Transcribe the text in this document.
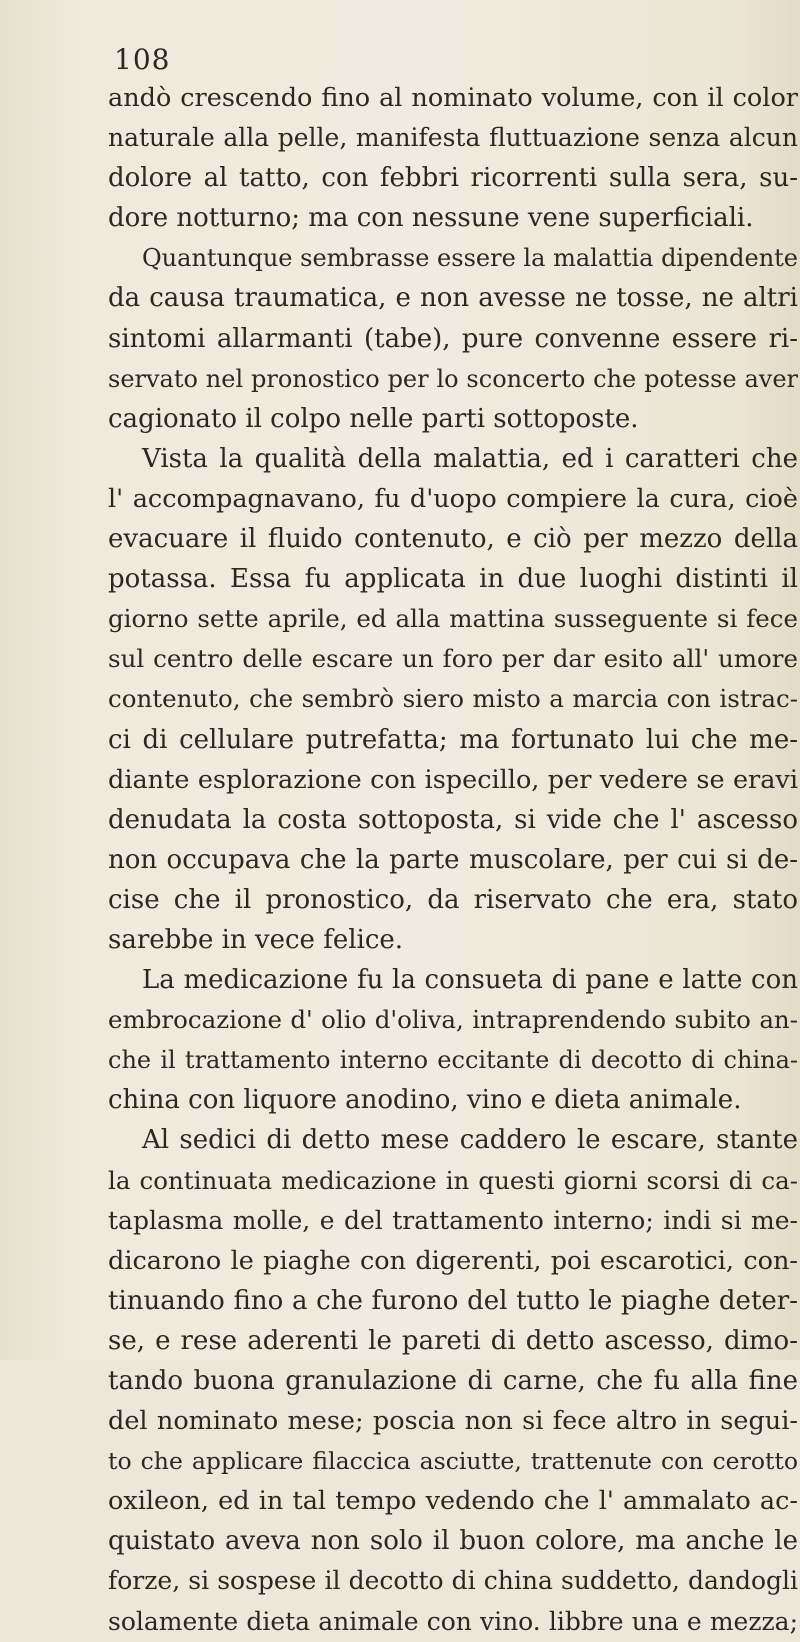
108
andò crescendo fino al nominato volume, con il color
naturale alla pelle, manifesta fluttuazione senza alcun
dolore al tatto, con febbri ricorrenti sulla sera, su-
dore notturno; ma con nessune vene superficiali.
Quantunque sembrasse essere la malattia dipendente
da causa traumatica, e non avesse ne tosse, ne altri
sintomi allarmanti (tabe), pure convenne essere ri-
servato nel pronostico per lo sconcerto che potesse aver
cagionato il colpo nelle parti sottoposte.
Vista la qualità della malattia, ed i caratteri che
l' accompagnavano, fu d'uopo compiere la cura, cioè
evacuare il fluido contenuto, e ciò per mezzo della
potassa. Essa fu applicata in due luoghi distinti il
giorno sette aprile, ed alla mattina susseguente si fece
sul centro delle escare un foro per dar esito all' umore
contenuto, che sembrò siero misto a marcia con istrac-
ci di cellulare putrefatta; ma fortunato lui che me-
diante esplorazione con ispecillo, per vedere se eravi
denudata la costa sottoposta, si vide che l' ascesso
non occupava che la parte muscolare, per cui si de-
cise che il pronostico, da riservato che era, stato
sarebbe in vece felice.
La medicazione fu la consueta di pane e latte con
embrocazione d' olio d'oliva, intraprendendo subito an-
che il trattamento interno eccitante di decotto di china-
china con liquore anodino, vino e dieta animale.
Al sedici di detto mese caddero le escare, stante
la continuata medicazione in questi giorni scorsi di ca-
taplasma molle, e del trattamento interno; indi si me-
dicarono le piaghe con digerenti, poi escarotici, con-
tinuando fino a che furono del tutto le piaghe deter-
se, e rese aderenti le pareti di detto ascesso, dimo-
tando buona granulazione di carne, che fu alla fine
del nominato mese; poscia non si fece altro in segui-
to che applicare filaccica asciutte, trattenute con cerotto
oxileon, ed in tal tempo vedendo che l' ammalato ac-
quistato aveva non solo il buon colore, ma anche le
forze, si sospese il decotto di china suddetto, dandogli
solamente dieta animale con vino. libbre una e mezza;
